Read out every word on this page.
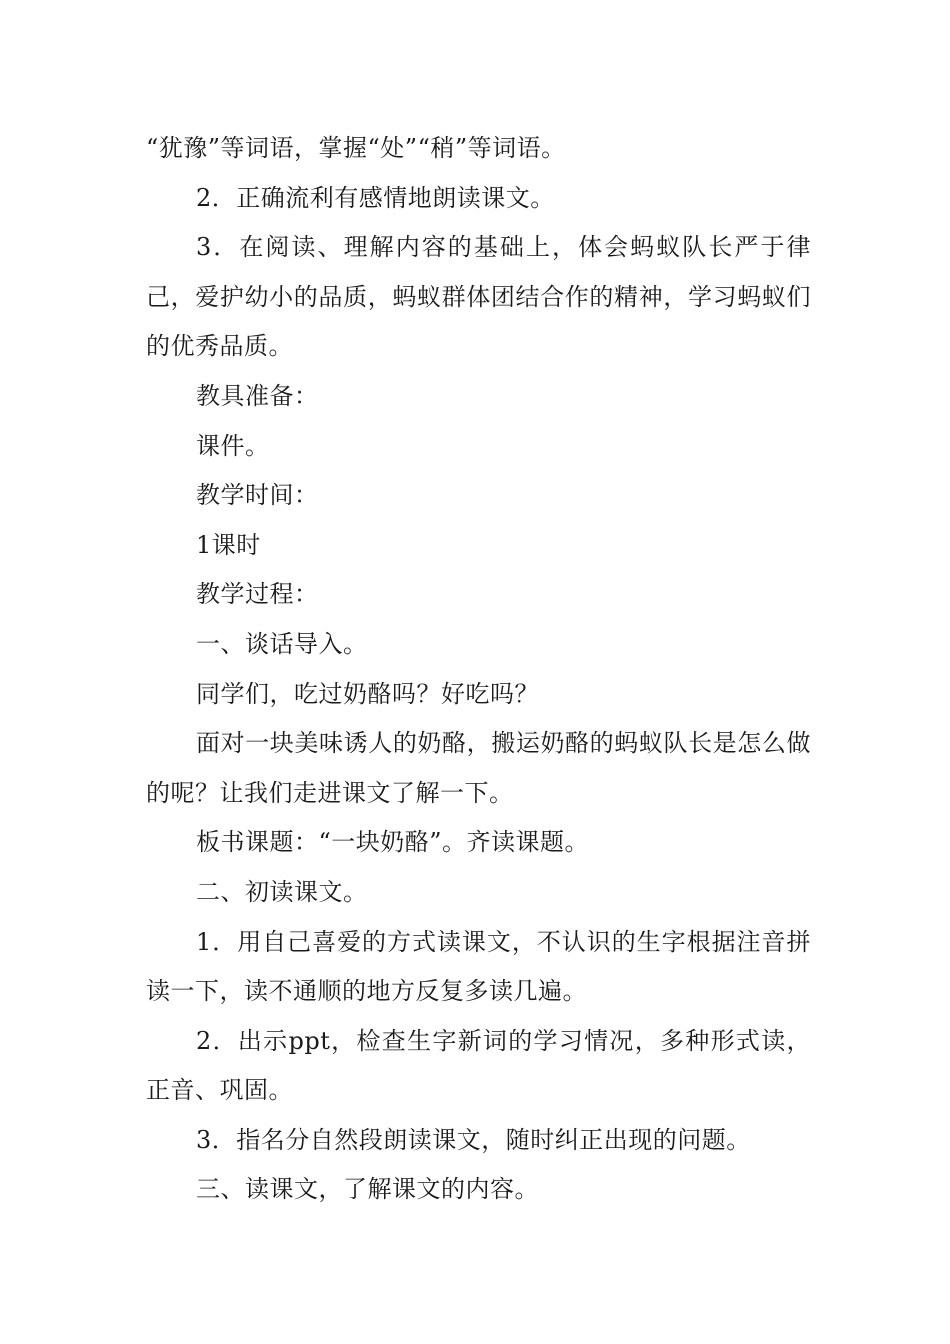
“犹豫”等词语，掌握“处”“稍”等词语。

2．正确流利有感情地朗读课文。

3．在阅读、理解内容的基础上，体会蚂蚁队长严于律己，爱护幼小的品质，蚂蚁群体团结合作的精神，学习蚂蚁们的优秀品质。

教具准备：

课件。

教学时间：

1课时

教学过程：

一、谈话导入。

同学们，吃过奶酪吗？好吃吗？

面对一块美味诱人的奶酪，搬运奶酪的蚂蚁队长是怎么做的呢？让我们走进课文了解一下。

板书课题：“一块奶酪”。齐读课题。

二、初读课文。

1．用自己喜爱的方式读课文，不认识的生字根据注音拼读一下，读不通顺的地方反复多读几遍。

2．出示ppt，检查生字新词的学习情况，多种形式读，正音、巩固。

3．指名分自然段朗读课文，随时纠正出现的问题。

三、读课文，了解课文的内容。
